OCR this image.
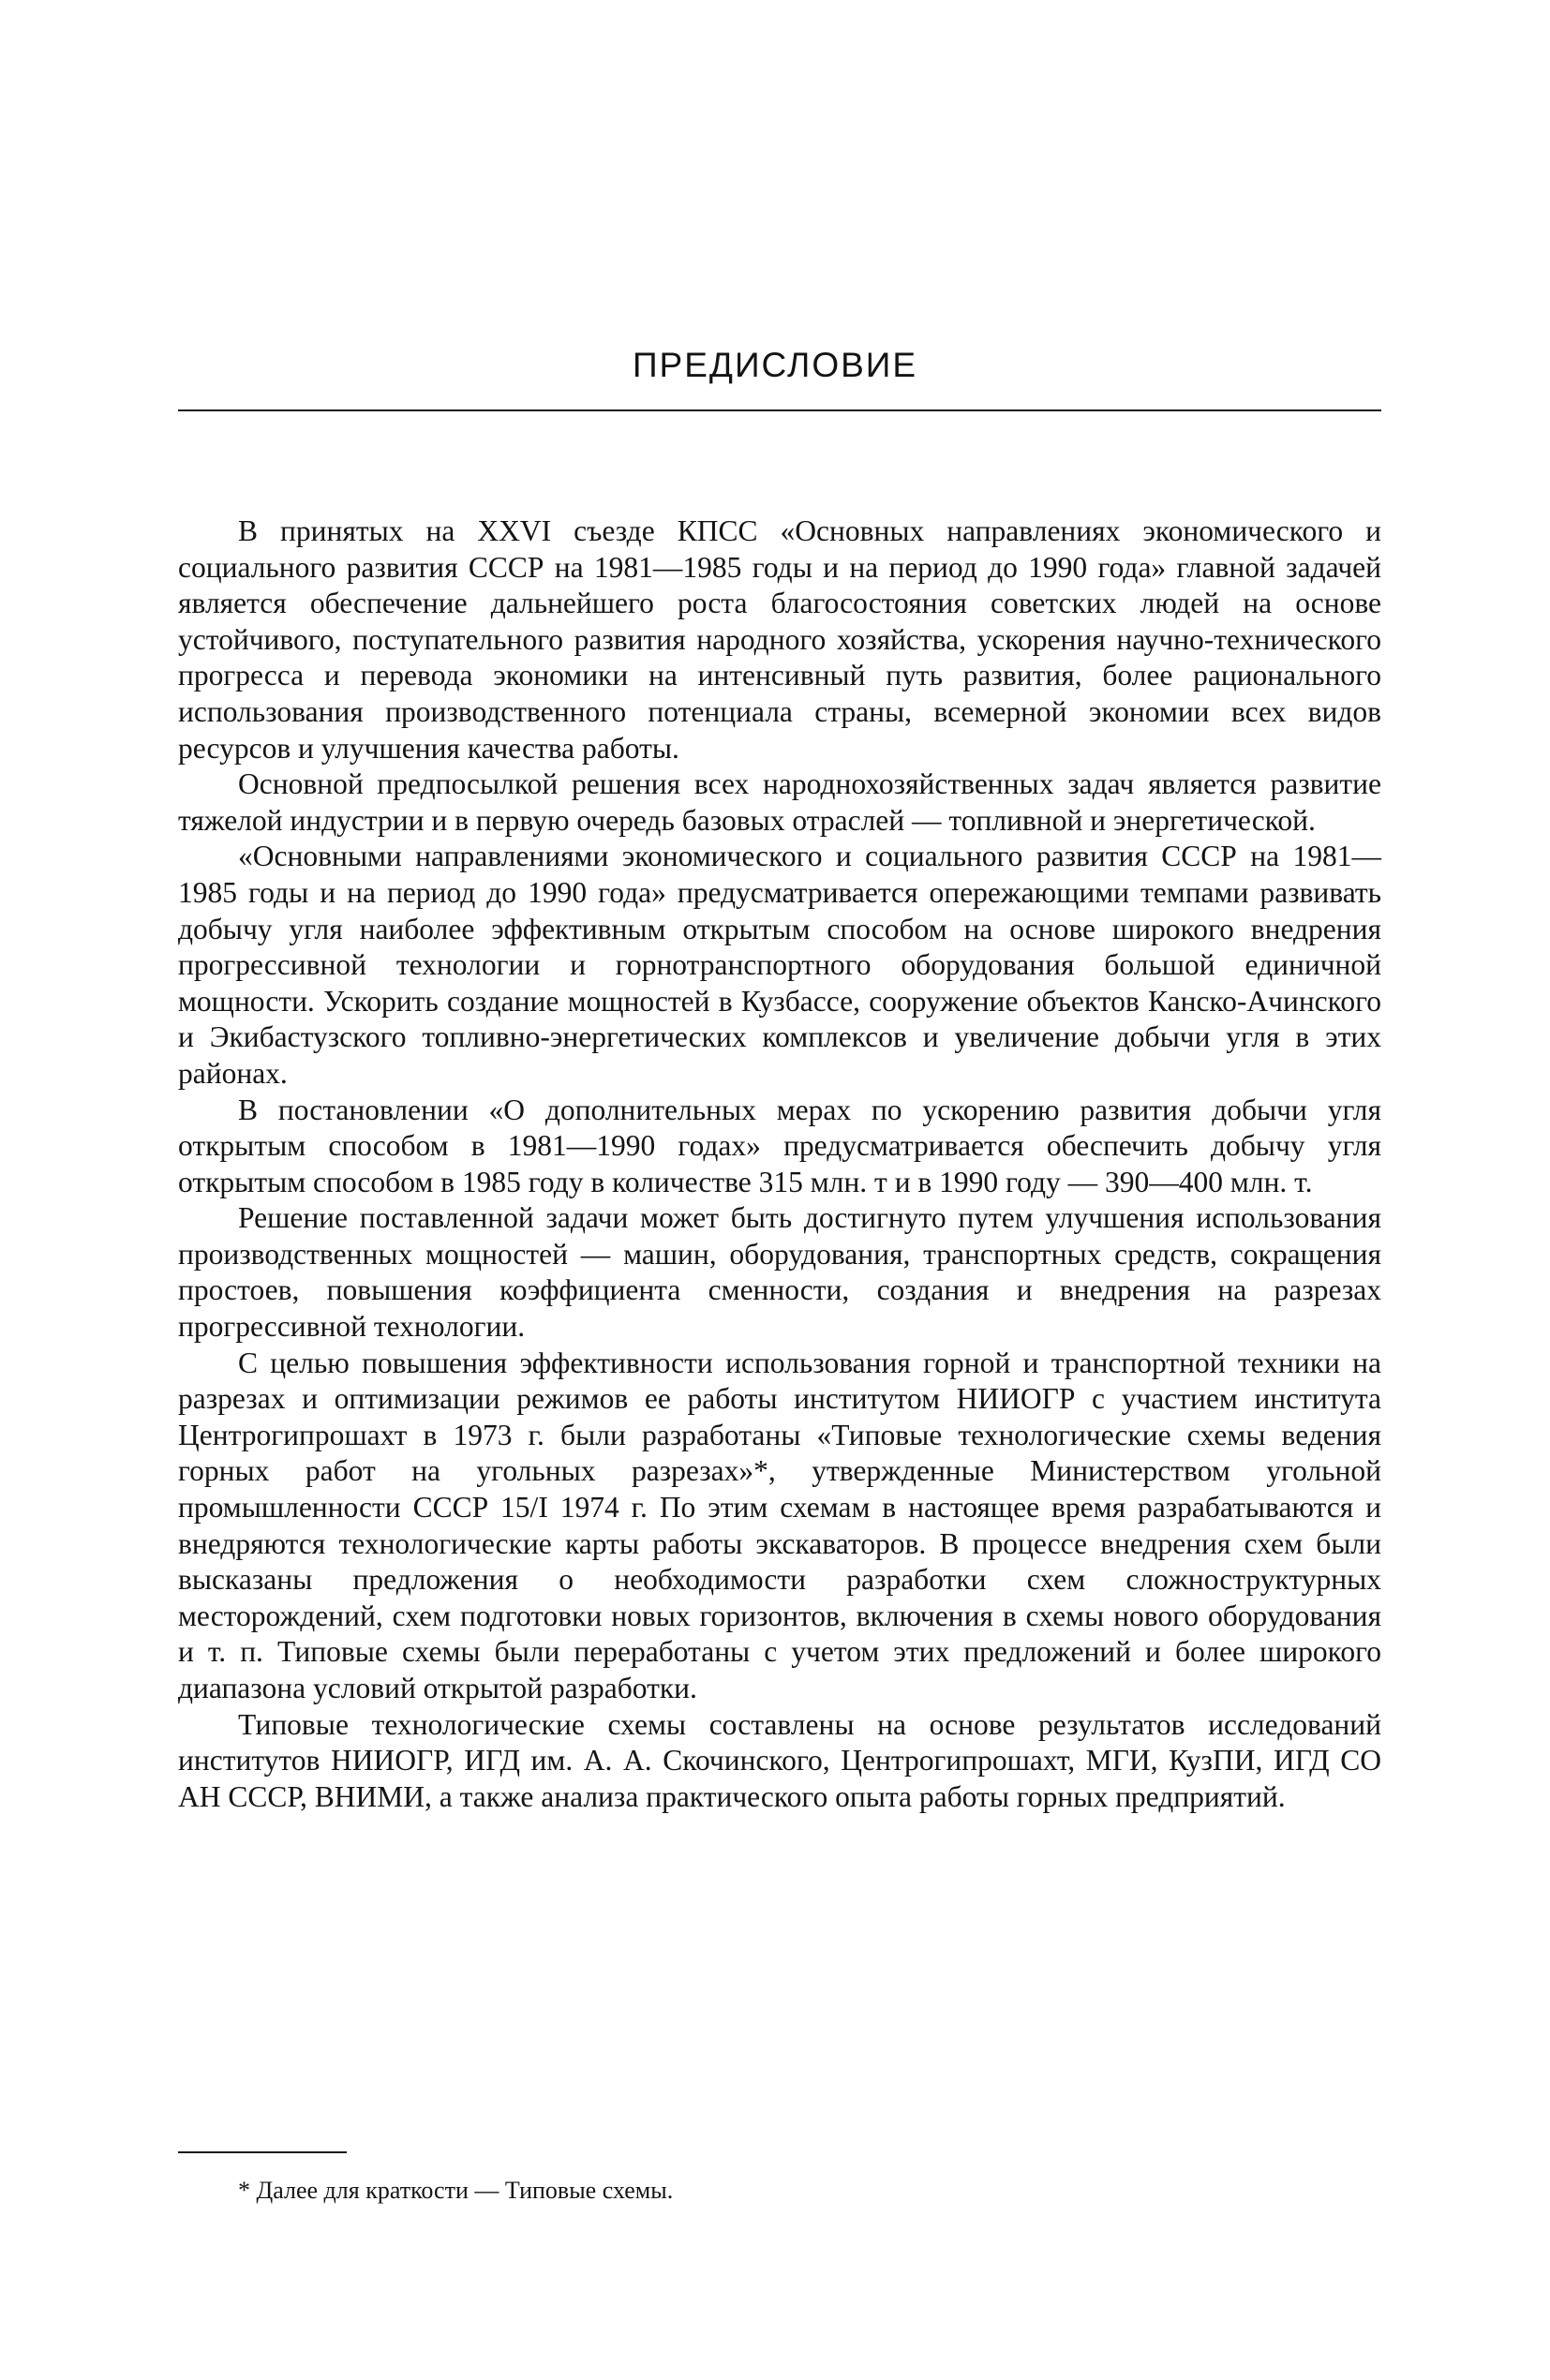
ПРЕДИСЛОВИЕ

В принятых на XXVI съезде КПСС «Основных направлениях экономического и социального развития СССР на 1981—1985 годы и на период до 1990 года» главной задачей является обеспечение дальнейшего роста благосостояния советских людей на основе устойчивого, поступательного развития народного хозяйства, ускорения научно-технического прогресса и перевода экономики на интенсивный путь развития, более рационального использования производственного потенциала страны, всемерной экономии всех видов ресурсов и улучшения качества работы.

Основной предпосылкой решения всех народнохозяйственных задач является развитие тяжелой индустрии и в первую очередь базовых отраслей — топливной и энергетической.

«Основными направлениями экономического и социального развития СССР на 1981—1985 годы и на период до 1990 года» предусматривается опережающими темпами развивать добычу угля наиболее эффективным открытым способом на основе широкого внедрения прогрессивной технологии и горнотранспортного оборудования большой единичной мощности. Ускорить создание мощностей в Кузбассе, сооружение объектов Канско-Ачинского и Экибастузского топливно-энергетических комплексов и увеличение добычи угля в этих районах.

В постановлении «О дополнительных мерах по ускорению развития добычи угля открытым способом в 1981—1990 годах» предусматривается обеспечить добычу угля открытым способом в 1985 году в количестве 315 млн. т и в 1990 году — 390—400 млн. т.

Решение поставленной задачи может быть достигнуто путем улучшения использования производственных мощностей — машин, оборудования, транспортных средств, сокращения простоев, повышения коэффициента сменности, создания и внедрения на разрезах прогрессивной технологии.

С целью повышения эффективности использования горной и транспортной техники на разрезах и оптимизации режимов ее работы институтом НИИОГР с участием института Центрогипрошахт в 1973 г. были разработаны «Типовые технологические схемы ведения горных работ на угольных разрезах»*, утвержденные Министерством угольной промышленности СССР 15/I 1974 г. По этим схемам в настоящее время разрабатываются и внедряются технологические карты работы экскаваторов. В процессе внедрения схем были высказаны предложения о необходимости разработки схем сложноструктурных месторождений, схем подготовки новых горизонтов, включения в схемы нового оборудования и т. п. Типовые схемы были переработаны с учетом этих предложений и более широкого диапазона условий открытой разработки.

Типовые технологические схемы составлены на основе результатов исследований институтов НИИОГР, ИГД им. А. А. Скочинского, Центрогипрошахт, МГИ, КузПИ, ИГД СО АН СССР, ВНИМИ, а также анализа практического опыта работы горных предприятий.

* Далее для краткости — Типовые схемы.
